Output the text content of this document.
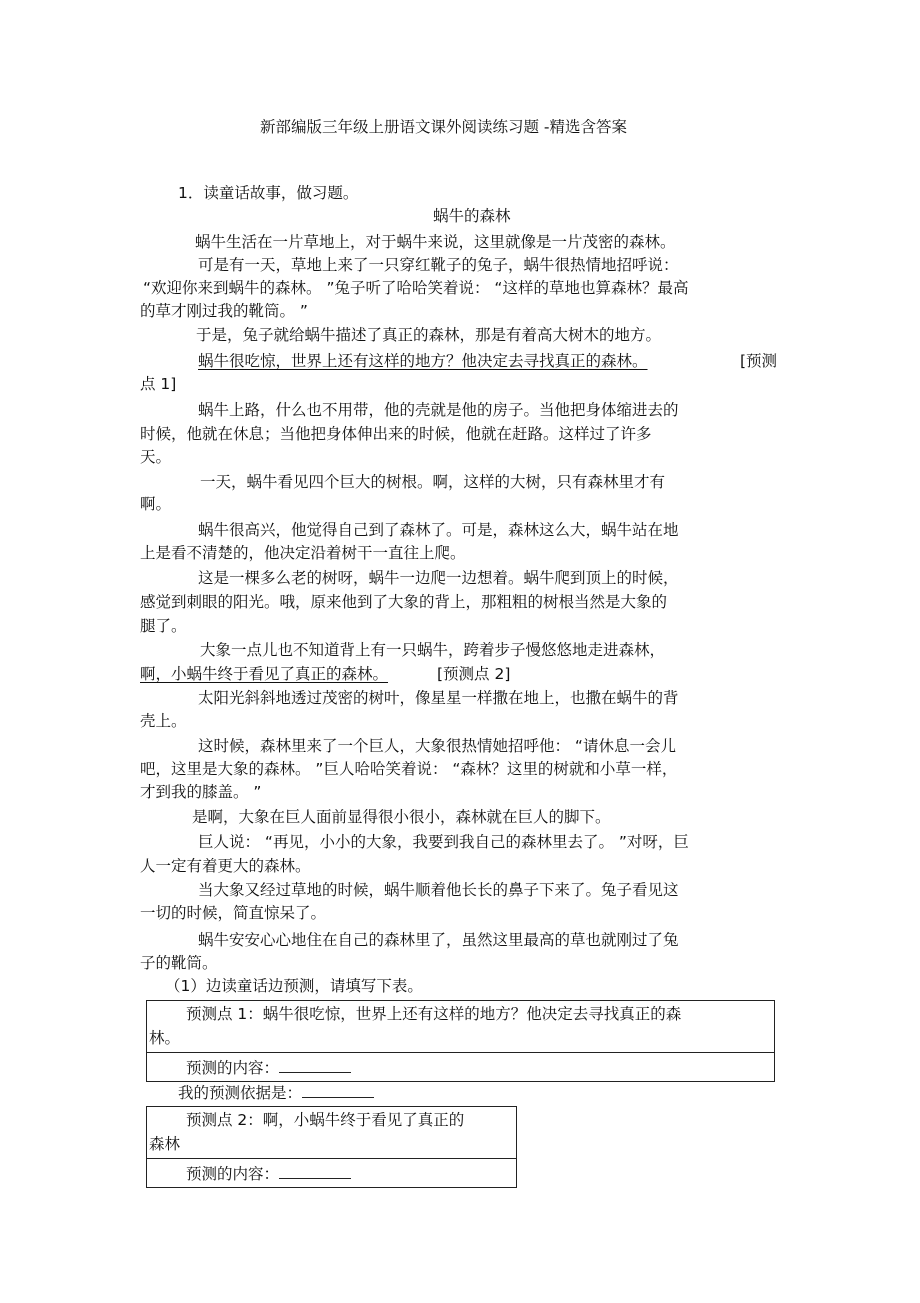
新部编版三年级上册语文课外阅读练习题 -精选含答案
1．读童话故事，做习题。
蜗牛的森林
蜗牛生活在一片草地上，对于蜗牛来说，这里就像是一片茂密的森林。
可是有一天，草地上来了一只穿红靴子的兔子，蜗牛很热情地招呼说：
“欢迎你来到蜗牛的森林。 ”兔子听了哈哈笑着说： “这样的草地也算森林？最高
的草才刚过我的靴筒。 ”
于是，兔子就给蜗牛描述了真正的森林，那是有着高大树木的地方。
蜗牛很吃惊，世界上还有这样的地方？他决定去寻找真正的森林。	[预测
点 1]
蜗牛上路，什么也不用带，他的壳就是他的房子。当他把身体缩进去的
时候，他就在休息；当他把身体伸出来的时候，他就在赶路。这样过了许多
天。
一天，蜗牛看见四个巨大的树根。啊，这样的大树，只有森林里才有
啊。
蜗牛很高兴，他觉得自己到了森林了。可是，森林这么大，蜗牛站在地
上是看不清楚的，他决定沿着树干一直往上爬。
这是一棵多么老的树呀，蜗牛一边爬一边想着。蜗牛爬到顶上的时候，
感觉到刺眼的阳光。哦，原来他到了大象的背上，那粗粗的树根当然是大象的
腿了。
大象一点儿也不知道背上有一只蜗牛，跨着步子慢悠悠地走进森林，
啊，小蜗牛终于看见了真正的森林。	[预测点 2]
太阳光斜斜地透过茂密的树叶，像星星一样撒在地上，也撒在蜗牛的背
壳上。
这时候，森林里来了一个巨人，大象很热情她招呼他： “请休息一会儿
吧，这里是大象的森林。 ”巨人哈哈笑着说： “森林？这里的树就和小草一样，
才到我的膝盖。 ”
是啊，大象在巨人面前显得很小很小，森林就在巨人的脚下。
巨人说： “再见，小小的大象，我要到我自己的森林里去了。 ”对呀，巨
人一定有着更大的森林。
当大象又经过草地的时候，蜗牛顺着他长长的鼻子下来了。兔子看见这
一切的时候，简直惊呆了。
蜗牛安安心心地住在自己的森林里了，虽然这里最高的草也就刚过了兔
子的靴筒。
（1）边读童话边预测，请填写下表。
预测点 1：蜗牛很吃惊，世界上还有这样的地方？他决定去寻找真正的森
林。
预测的内容：
我的预测依据是：
预测点 2：啊，小蜗牛终于看见了真正的
森林
预测的内容：
